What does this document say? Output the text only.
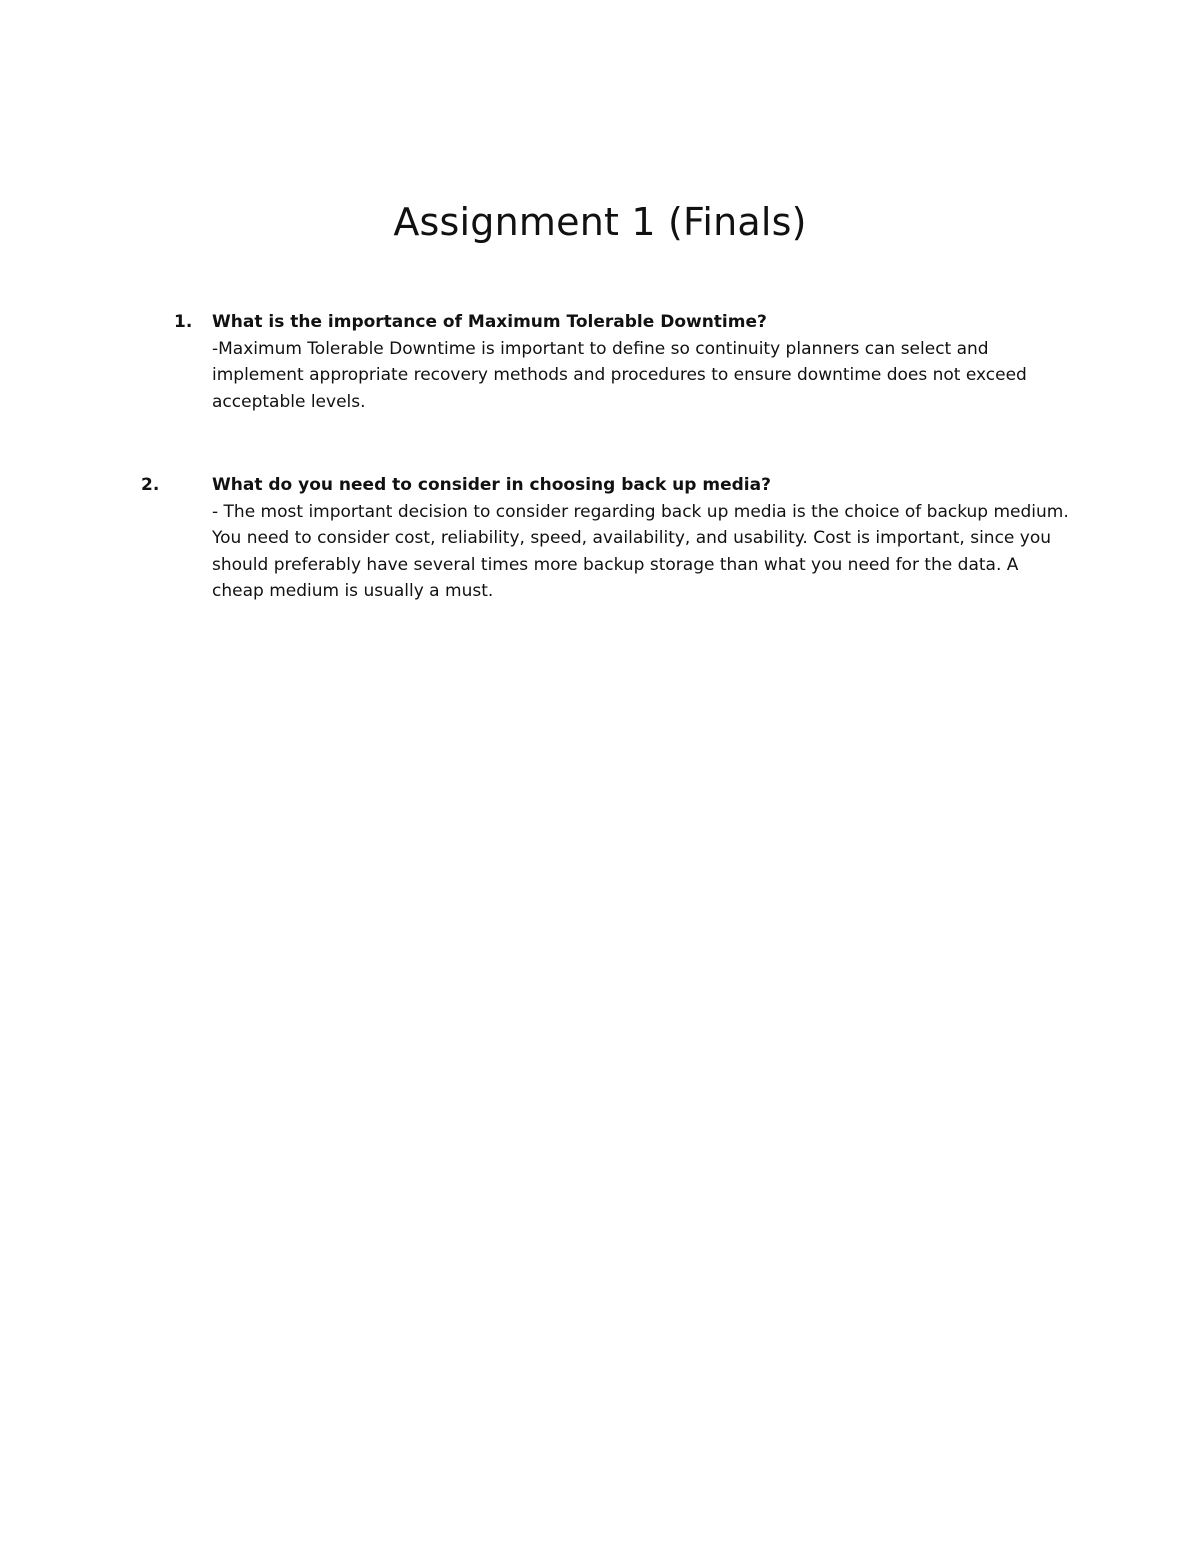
Assignment 1 (Finals)
1. What is the importance of Maximum Tolerable Downtime?
-Maximum Tolerable Downtime is important to define so continuity planners can select and implement appropriate recovery methods and procedures to ensure downtime does not exceed acceptable levels.
2.	What do you need to consider in choosing back up media?
- The most important decision to consider regarding back up media is the choice of backup medium. You need to consider cost, reliability, speed, availability, and usability. Cost is important, since you should preferably have several times more backup storage than what you need for the data. A cheap medium is usually a must.
